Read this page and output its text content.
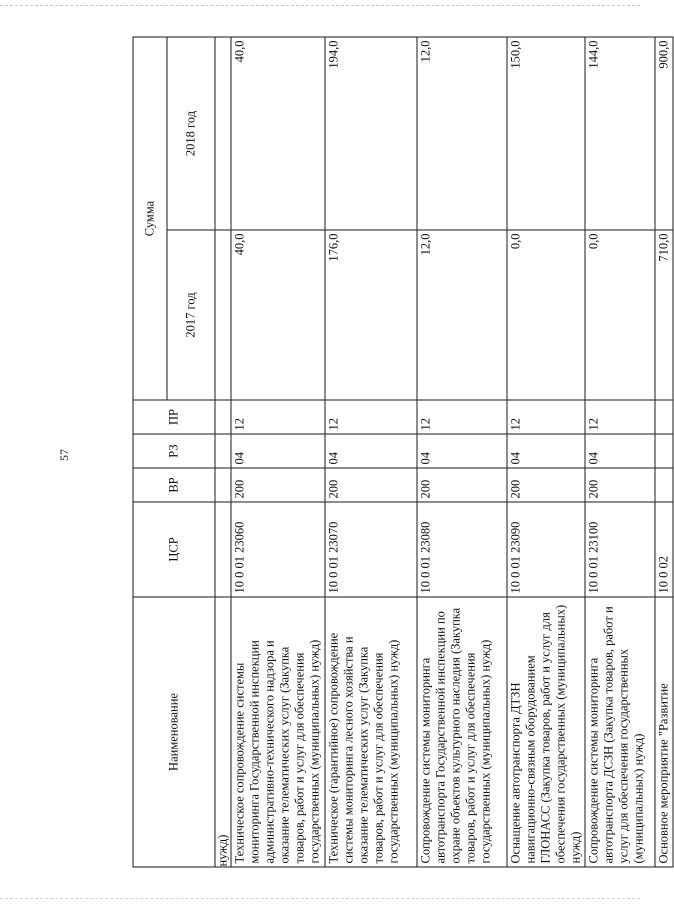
57
Наименование	ЦСР	ВР	РЗ	ПР	Сумма	
					2017 год	2018 год
нужд)						
Техническое сопровождение системы мониторинга Государственной инспекции административно-технического надзора и оказание телематических услуг (Закупка товаров, работ и услуг для обеспечения государственных (муниципальных) нужд)	10 0 01 23060	200	04	12	40,0	40,0
Техническое (гарантийное) сопровождение системы мониторинга лесного хозяйства и оказание телематических услуг (Закупка товаров, работ и услуг для обеспечения государственных (муниципальных) нужд)	10 0 01 23070	200	04	12	176,0	194,0
Сопровождение системы мониторинга автотранспорта Государственной инспекции по охране объектов культурного наследия (Закупка товаров, работ и услуг для обеспечения государственных (муниципальных) нужд)	10 0 01 23080	200	04	12	12,0	12,0
Оснащение автотранспорта ДТЗН навигационно-связным оборудованием ГЛОНАСС (Закупка товаров, работ и услуг для обеспечения государственных (муниципальных) нужд)	10 0 01 23090	200	04	12	0,0	150,0
Сопровождение системы мониторинга автотранспорта ДСЗН (Закупка товаров, работ и услуг для обеспечения государственных (муниципальных) нужд)	10 0 01 23100	200	04	12	0,0	144,0
Основное мероприятие "Развитие	10 0 02				710,0	900,0
